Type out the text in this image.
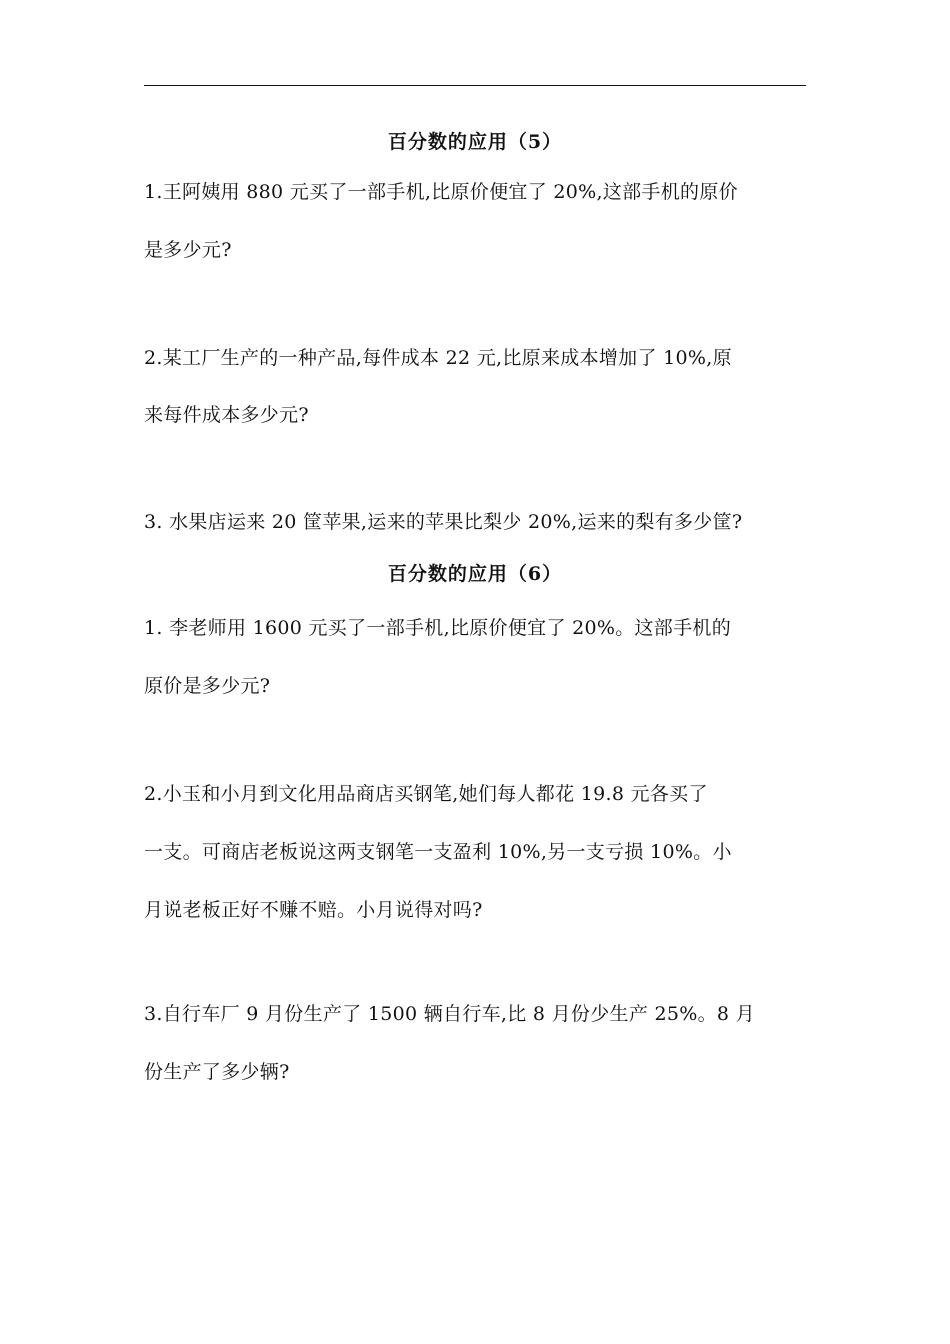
百分数的应用（5）
1.王阿姨用 880 元买了一部手机,比原价便宜了 20%,这部手机的原价
是多少元?
2.某工厂生产的一种产品,每件成本 22 元,比原来成本增加了 10%,原
来每件成本多少元?
3. 水果店运来 20 筐苹果,运来的苹果比梨少 20%,运来的梨有多少筐?
百分数的应用（6）
1. 李老师用 1600 元买了一部手机,比原价便宜了 20%。这部手机的
原价是多少元?
2.小玉和小月到文化用品商店买钢笔,她们每人都花 19.8 元各买了
一支。可商店老板说这两支钢笔一支盈利 10%,另一支亏损 10%。小
月说老板正好不赚不赔。小月说得对吗?
3.自行车厂 9 月份生产了 1500 辆自行车,比 8 月份少生产 25%。8 月
份生产了多少辆?
